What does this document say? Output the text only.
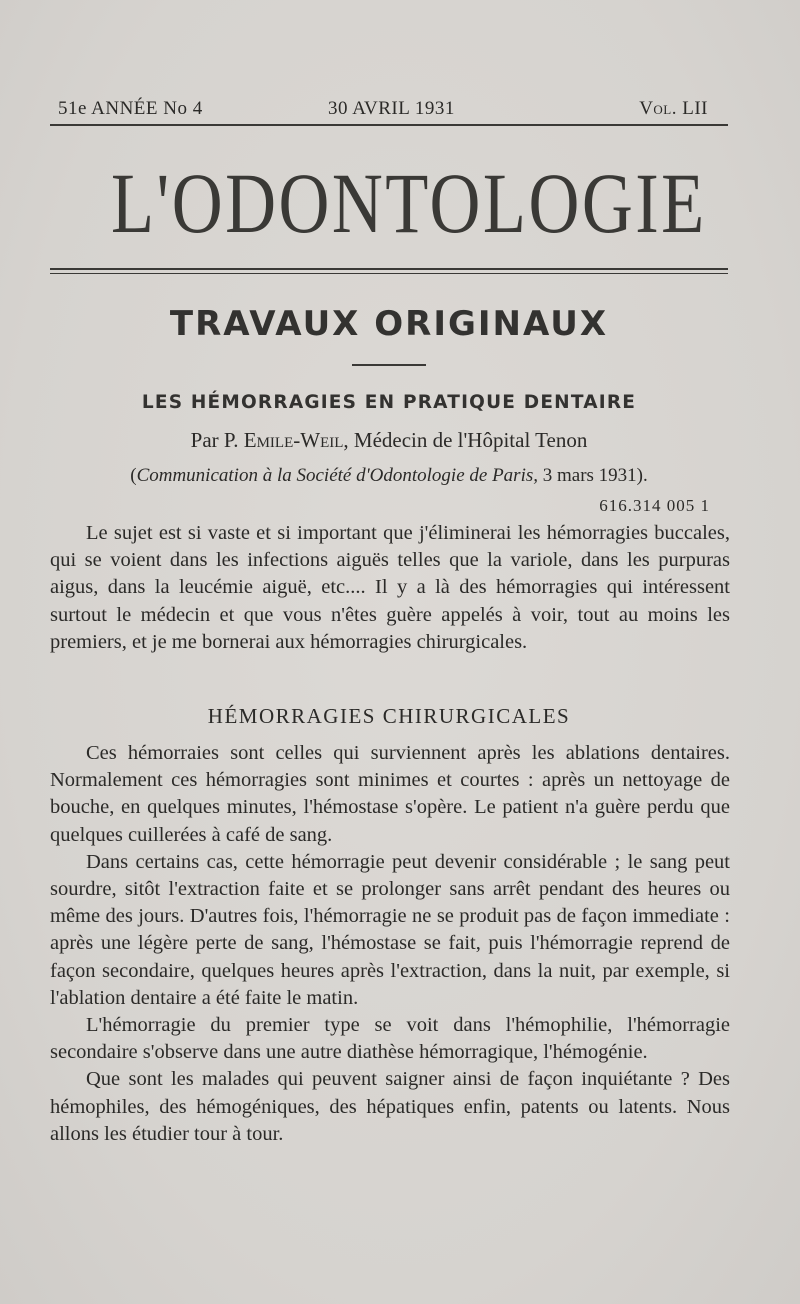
51e ANNÉE No 4	30 AVRIL 1931	Vol. LII
L'ODONTOLOGIE
TRAVAUX ORIGINAUX
LES HÉMORRAGIES EN PRATIQUE DENTAIRE
Par P. Emile-Weil, Médecin de l'Hôpital Tenon
(Communication à la Société d'Odontologie de Paris, 3 mars 1931).
616.314 005 1

Le sujet est si vaste et si important que j'éliminerai les hémorragies buccales, qui se voient dans les infections aiguës telles que la variole, dans les purpuras aigus, dans la leucémie aiguë, etc.... Il y a là des hémorragies qui intéressent surtout le médecin et que vous n'êtes guère appelés à voir, tout au moins les premiers, et je me bornerai aux hémorragies chirurgicales.

HÉMORRAGIES CHIRURGICALES

Ces hémorraies sont celles qui surviennent après les ablations dentaires. Normalement ces hémorragies sont minimes et courtes : après un nettoyage de bouche, en quelques minutes, l'hémostase s'opère. Le patient n'a guère perdu que quelques cuillerées à café de sang.

Dans certains cas, cette hémorragie peut devenir considérable ; le sang peut sourdre, sitôt l'extraction faite et se prolonger sans arrêt pendant des heures ou même des jours. D'autres fois, l'hémorragie ne se produit pas de façon immediate : après une légère perte de sang, l'hémostase se fait, puis l'hémorragie reprend de façon secondaire, quelques heures après l'extraction, dans la nuit, par exemple, si l'ablation dentaire a été faite le matin.

L'hémorragie du premier type se voit dans l'hémophilie, l'hémorragie secondaire s'observe dans une autre diathèse hémorragique, l'hémogénie.

Que sont les malades qui peuvent saigner ainsi de façon inquiétante ? Des hémophiles, des hémogéniques, des hépatiques enfin, patents ou latents. Nous allons les étudier tour à tour.
